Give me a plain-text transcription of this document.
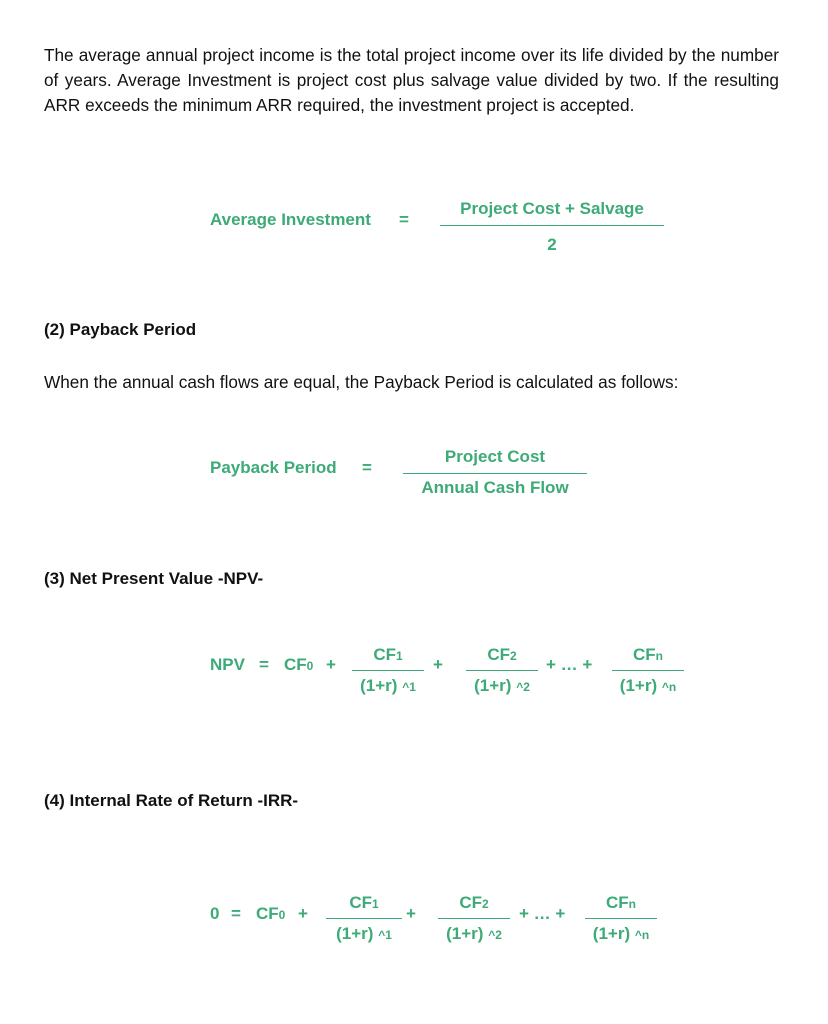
The average annual project income is the total project income over its life divided by the number of years. Average Investment is project cost plus salvage value divided by two. If the resulting ARR exceeds the minimum ARR required, the investment project is accepted.

Average Investment =
Project Cost + Salvage
2

(2) Payback Period

When the annual cash flows are equal, the Payback Period is calculated as follows:

Payback Period =
Project Cost
Annual Cash Flow

(3) Net Present Value -NPV-

NPV = CF0 +
CF1
(1+r) ^1
+
CF2
(1+r) ^2
+ … +
CFn
(1+r) ^n

(4) Internal Rate of Return -IRR-

0 = CF0 +
CF1
(1+r) ^1
+
CF2
(1+r) ^2
+ … +
CFn
(1+r) ^n
